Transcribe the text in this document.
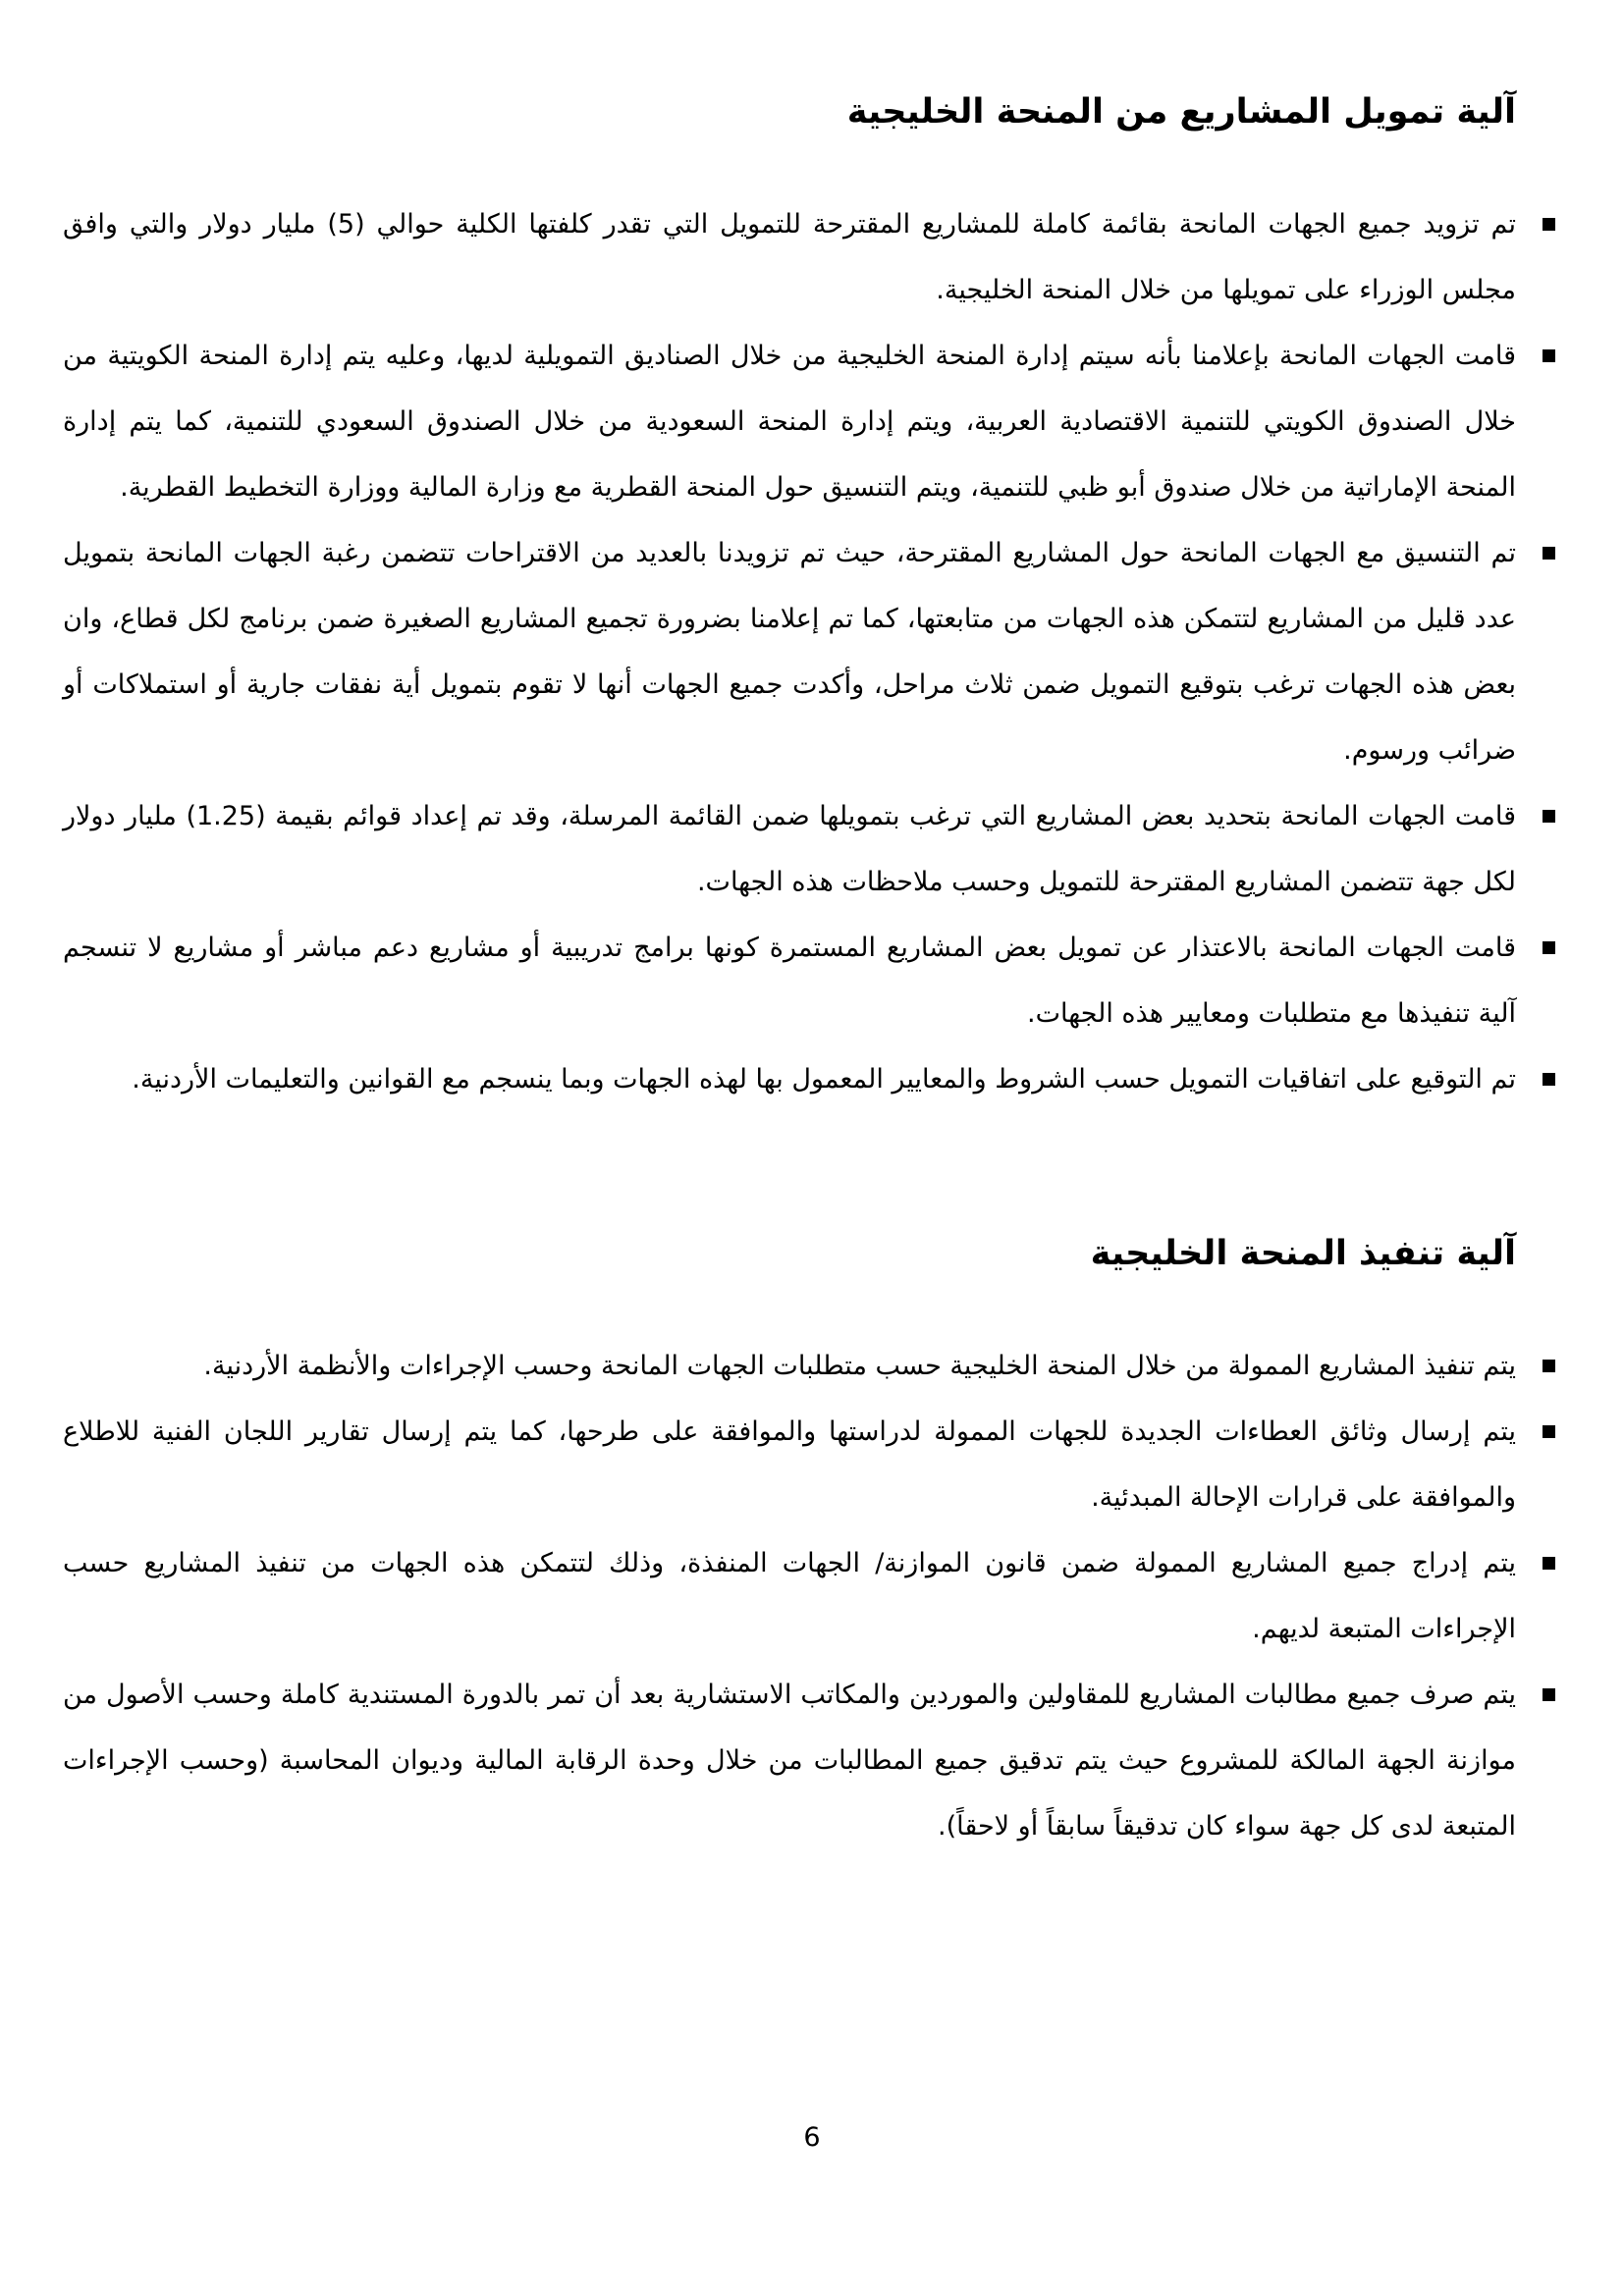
آلية تمويل المشاريع من المنحة الخليجية
تم تزويد جميع الجهات المانحة بقائمة كاملة للمشاريع المقترحة للتمويل التي تقدر كلفتها الكلية حوالي (5) مليار دولار والتي وافق مجلس الوزراء على تمويلها من خلال المنحة الخليجية.
قامت الجهات المانحة بإعلامنا بأنه سيتم إدارة المنحة الخليجية من خلال الصناديق التمويلية لديها، وعليه يتم إدارة المنحة الكويتية من خلال الصندوق الكويتي للتنمية الاقتصادية العربية، ويتم إدارة المنحة السعودية من خلال الصندوق السعودي للتنمية، كما يتم إدارة المنحة الإماراتية من خلال صندوق أبو ظبي للتنمية، ويتم التنسيق حول المنحة القطرية مع وزارة المالية ووزارة التخطيط القطرية.
تم التنسيق مع الجهات المانحة حول المشاريع المقترحة، حيث تم تزويدنا بالعديد من الاقتراحات تتضمن رغبة الجهات المانحة بتمويل عدد قليل من المشاريع لتتمكن هذه الجهات من متابعتها، كما تم إعلامنا بضرورة تجميع المشاريع الصغيرة ضمن برنامج لكل قطاع، وان بعض هذه الجهات ترغب بتوقيع التمويل ضمن ثلاث مراحل، وأكدت جميع الجهات أنها لا تقوم بتمويل أية نفقات جارية أو استملاكات أو ضرائب ورسوم.
قامت الجهات المانحة بتحديد بعض المشاريع التي ترغب بتمويلها ضمن القائمة المرسلة، وقد تم إعداد قوائم بقيمة (1.25) مليار دولار لكل جهة تتضمن المشاريع المقترحة للتمويل وحسب ملاحظات هذه الجهات.
قامت الجهات المانحة بالاعتذار عن تمويل بعض المشاريع المستمرة كونها برامج تدريبية أو مشاريع دعم مباشر أو مشاريع لا تنسجم آلية تنفيذها مع متطلبات ومعايير هذه الجهات.
تم التوقيع على اتفاقيات التمويل حسب الشروط والمعايير المعمول بها لهذه الجهات وبما ينسجم مع القوانين والتعليمات الأردنية.
آلية تنفيذ المنحة الخليجية
يتم تنفيذ المشاريع الممولة من خلال المنحة الخليجية حسب متطلبات الجهات المانحة وحسب الإجراءات والأنظمة الأردنية.
يتم إرسال وثائق العطاءات الجديدة للجهات الممولة لدراستها والموافقة على طرحها، كما يتم إرسال تقارير اللجان الفنية للاطلاع والموافقة على قرارات الإحالة المبدئية.
يتم إدراج جميع المشاريع الممولة ضمن قانون الموازنة/ الجهات المنفذة، وذلك لتتمكن هذه الجهات من تنفيذ المشاريع حسب الإجراءات المتبعة لديهم.
يتم صرف جميع مطالبات المشاريع للمقاولين والموردين والمكاتب الاستشارية بعد أن تمر بالدورة المستندية كاملة وحسب الأصول من موازنة الجهة المالكة للمشروع حيث يتم تدقيق جميع المطالبات من خلال وحدة الرقابة المالية وديوان المحاسبة (وحسب الإجراءات المتبعة لدى كل جهة سواء كان تدقيقاً سابقاً أو لاحقاً).
6
